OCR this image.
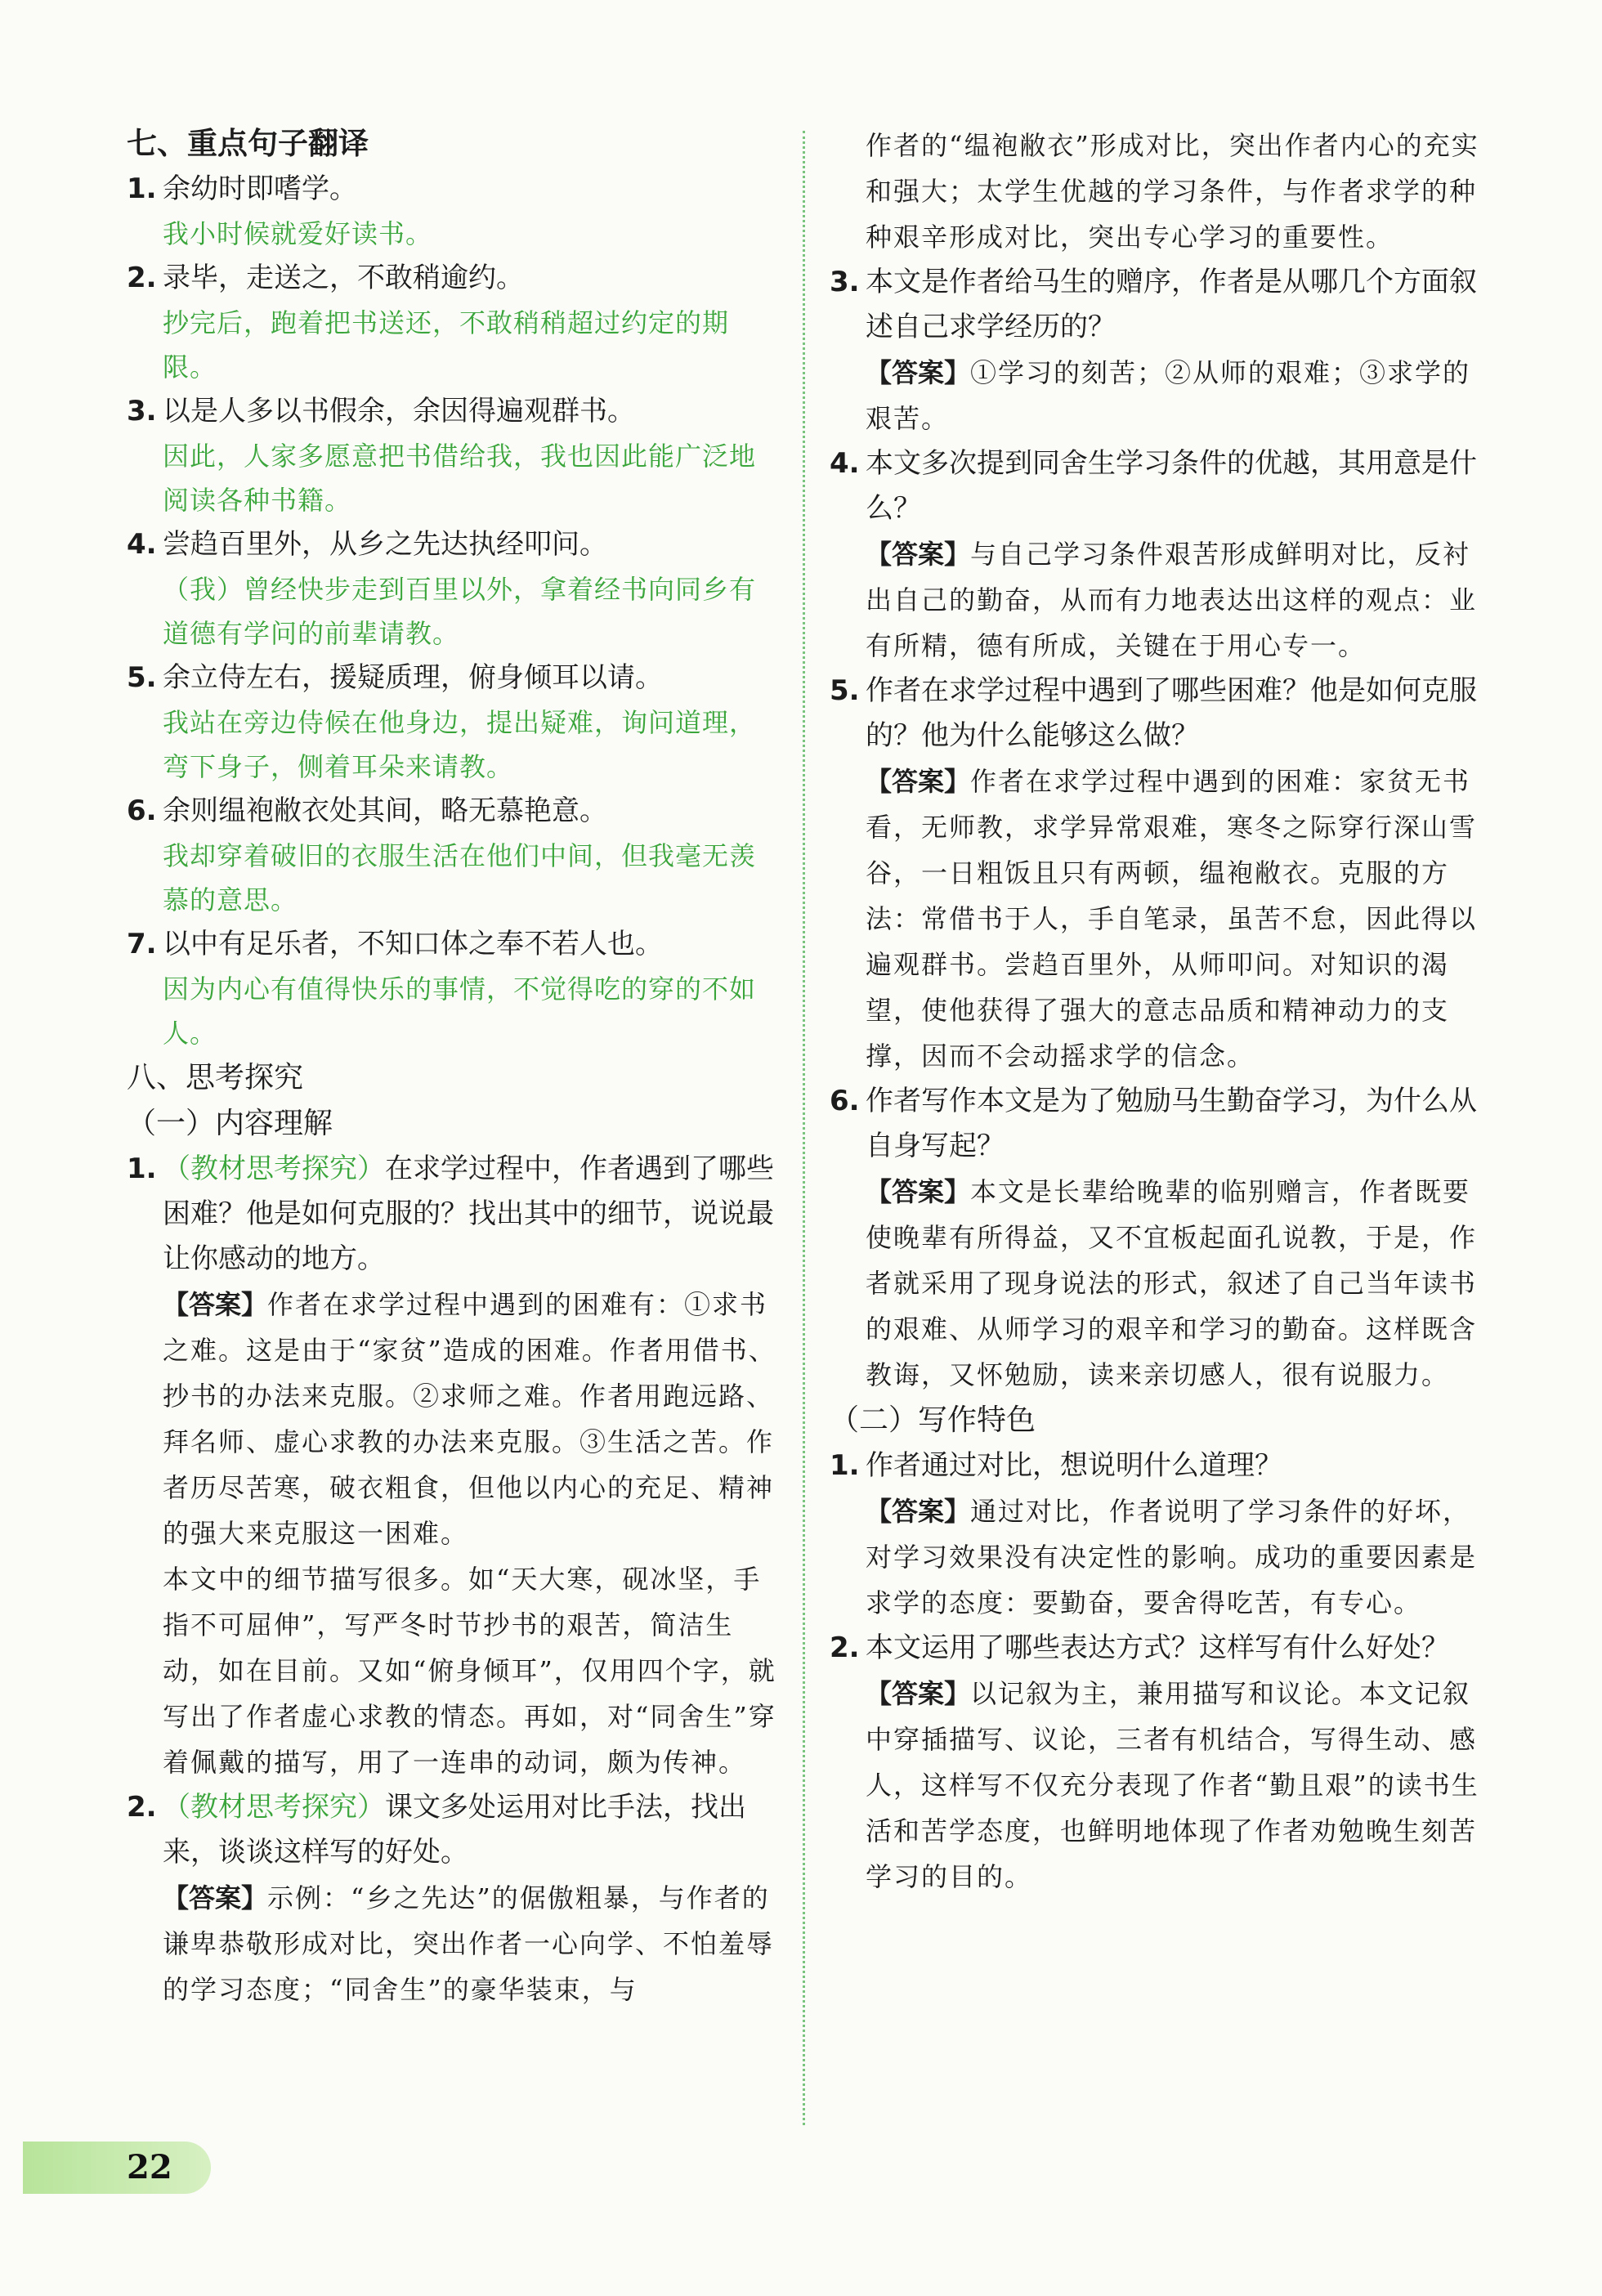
七、重点句子翻译

1. 余幼时即嗜学。

我小时候就爱好读书。

2. 录毕，走送之，不敢稍逾约。

抄完后，跑着把书送还，不敢稍稍超过约定的期限。

3. 以是人多以书假余，余因得遍观群书。

因此，人家多愿意把书借给我，我也因此能广泛地阅读各种书籍。

4. 尝趋百里外，从乡之先达执经叩问。

（我）曾经快步走到百里以外，拿着经书向同乡有道德有学问的前辈请教。

5. 余立侍左右，援疑质理，俯身倾耳以请。

我站在旁边侍候在他身边，提出疑难，询问道理，弯下身子，侧着耳朵来请教。

6. 余则缊袍敝衣处其间，略无慕艳意。

我却穿着破旧的衣服生活在他们中间，但我毫无羡慕的意思。

7. 以中有足乐者，不知口体之奉不若人也。

因为内心有值得快乐的事情，不觉得吃的穿的不如人。

八、思考探究

（一）内容理解

1. （教材思考探究）在求学过程中，作者遇到了哪些困难？他是如何克服的？找出其中的细节，说说最让你感动的地方。

【答案】作者在求学过程中遇到的困难有：①求书之难。这是由于“家贫”造成的困难。作者用借书、抄书的办法来克服。②求师之难。作者用跑远路、拜名师、虚心求教的办法来克服。③生活之苦。作者历尽苦寒，破衣粗食，但他以内心的充足、精神的强大来克服这一困难。

本文中的细节描写很多。如“天大寒，砚冰坚，手指不可屈伸”，写严冬时节抄书的艰苦，简洁生动，如在目前。又如“俯身倾耳”，仅用四个字，就写出了作者虚心求教的情态。再如，对“同舍生”穿着佩戴的描写，用了一连串的动词，颇为传神。

2. （教材思考探究）课文多处运用对比手法，找出来，谈谈这样写的好处。

【答案】示例：“乡之先达”的倨傲粗暴，与作者的谦卑恭敬形成对比，突出作者一心向学、不怕羞辱的学习态度；“同舍生”的豪华装束，与

作者的“缊袍敝衣”形成对比，突出作者内心的充实和强大；太学生优越的学习条件，与作者求学的种种艰辛形成对比，突出专心学习的重要性。

3. 本文是作者给马生的赠序，作者是从哪几个方面叙述自己求学经历的？

【答案】①学习的刻苦；②从师的艰难；③求学的艰苦。

4. 本文多次提到同舍生学习条件的优越，其用意是什么？

【答案】与自己学习条件艰苦形成鲜明对比，反衬出自己的勤奋，从而有力地表达出这样的观点：业有所精，德有所成，关键在于用心专一。

5. 作者在求学过程中遇到了哪些困难？他是如何克服的？他为什么能够这么做？

【答案】作者在求学过程中遇到的困难：家贫无书看，无师教，求学异常艰难，寒冬之际穿行深山雪谷，一日粗饭且只有两顿，缊袍敝衣。克服的方法：常借书于人，手自笔录，虽苦不怠，因此得以遍观群书。尝趋百里外，从师叩问。对知识的渴望，使他获得了强大的意志品质和精神动力的支撑，因而不会动摇求学的信念。

6. 作者写作本文是为了勉励马生勤奋学习，为什么从自身写起？

【答案】本文是长辈给晚辈的临别赠言，作者既要使晚辈有所得益，又不宜板起面孔说教，于是，作者就采用了现身说法的形式，叙述了自己当年读书的艰难、从师学习的艰辛和学习的勤奋。这样既含教诲，又怀勉励，读来亲切感人，很有说服力。

（二）写作特色

1. 作者通过对比，想说明什么道理？

【答案】通过对比，作者说明了学习条件的好坏，对学习效果没有决定性的影响。成功的重要因素是求学的态度：要勤奋，要舍得吃苦，有专心。

2. 本文运用了哪些表达方式？这样写有什么好处？

【答案】以记叙为主，兼用描写和议论。本文记叙中穿插描写、议论，三者有机结合，写得生动、感人，这样写不仅充分表现了作者“勤且艰”的读书生活和苦学态度，也鲜明地体现了作者劝勉晚生刻苦学习的目的。

22
